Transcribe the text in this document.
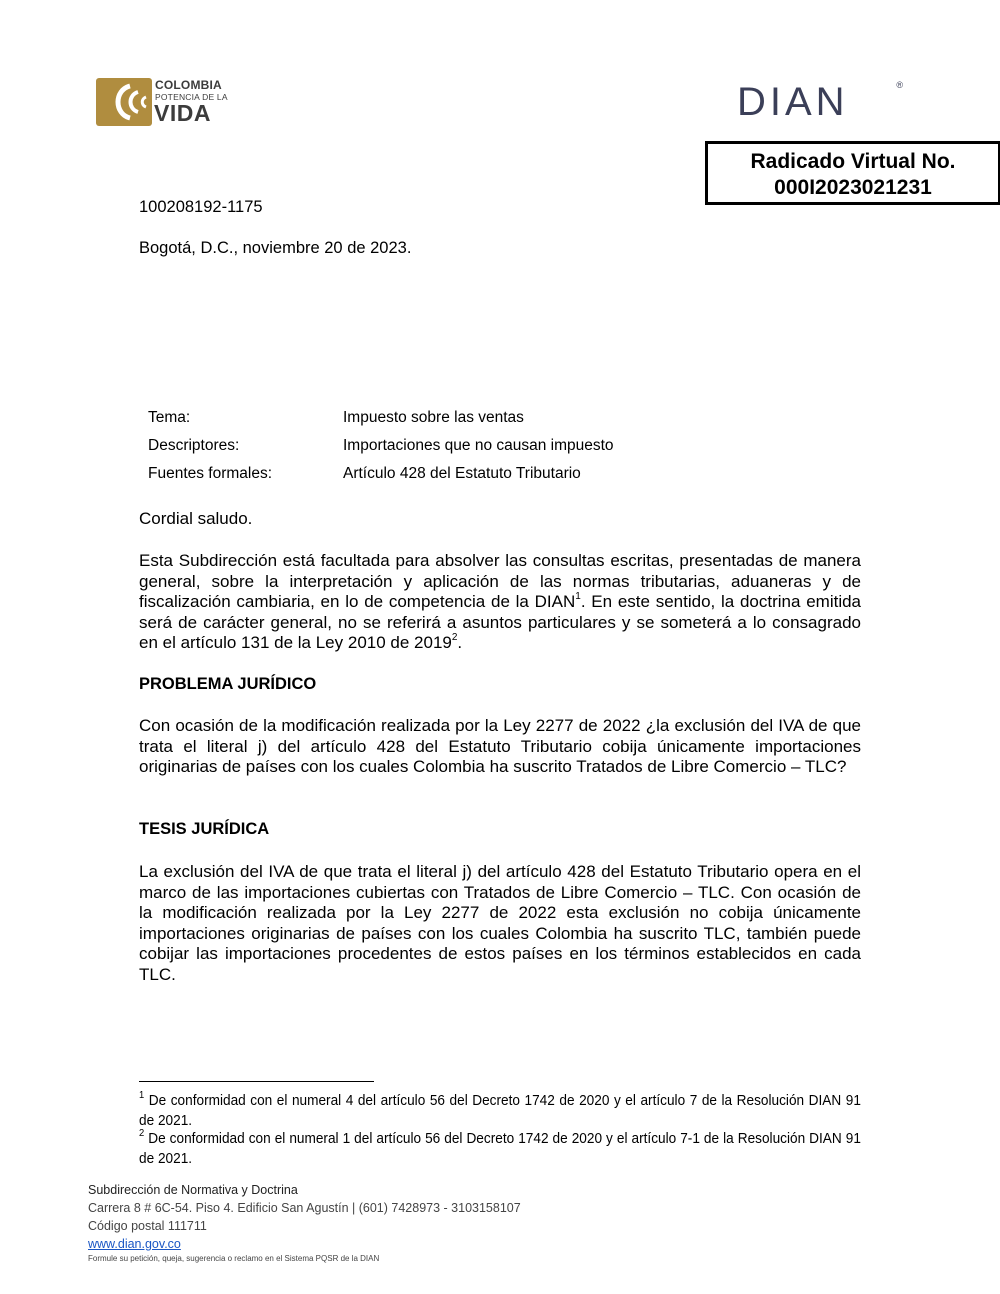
COLOMBIA
POTENCIA DE LA
VIDA	DIAN	®
Radicado Virtual No.
000I2023021231
100208192-1175
Bogotá, D.C., noviembre 20 de 2023.
Tema:	Impuesto sobre las ventas
Descriptores:	Importaciones que no causan impuesto
Fuentes formales:	Artículo 428 del Estatuto Tributario
Cordial saludo.
Esta Subdirección está facultada para absolver las consultas escritas, presentadas de manera general, sobre la interpretación y aplicación de las normas tributarias, aduaneras y de fiscalización cambiaria, en lo de competencia de la DIAN$^1$. En este sentido, la doctrina emitida será de carácter general, no se referirá a asuntos particulares y se someterá a lo consagrado en el artículo 131 de la Ley 2010 de 2019$^2$.
PROBLEMA JURÍDICO
Con ocasión de la modificación realizada por la Ley 2277 de 2022 ¿la exclusión del IVA de que trata el literal j) del artículo 428 del Estatuto Tributario cobija únicamente importaciones originarias de países con los cuales Colombia ha suscrito Tratados de Libre Comercio – TLC?
TESIS JURÍDICA
La exclusión del IVA de que trata el literal j) del artículo 428 del Estatuto Tributario opera en el marco de las importaciones cubiertas con Tratados de Libre Comercio – TLC. Con ocasión de la modificación realizada por la Ley 2277 de 2022 esta exclusión no cobija únicamente importaciones originarias de países con los cuales Colombia ha suscrito TLC, también puede cobijar las importaciones procedentes de estos países en los términos establecidos en cada TLC.
$^1$ De conformidad con el numeral 4 del artículo 56 del Decreto 1742 de 2020 y el artículo 7 de la Resolución DIAN 91 de 2021.
$^2$ De conformidad con el numeral 1 del artículo 56 del Decreto 1742 de 2020 y el artículo 7-1 de la Resolución DIAN 91 de 2021.
Subdirección de Normativa y Doctrina
Carrera 8 # 6C-54. Piso 4. Edificio San Agustín | (601) 7428973 - 3103158107
Código postal 111711
www.dian.gov.co
Formule su petición, queja, sugerencia o reclamo en el Sistema PQSR de la DIAN
